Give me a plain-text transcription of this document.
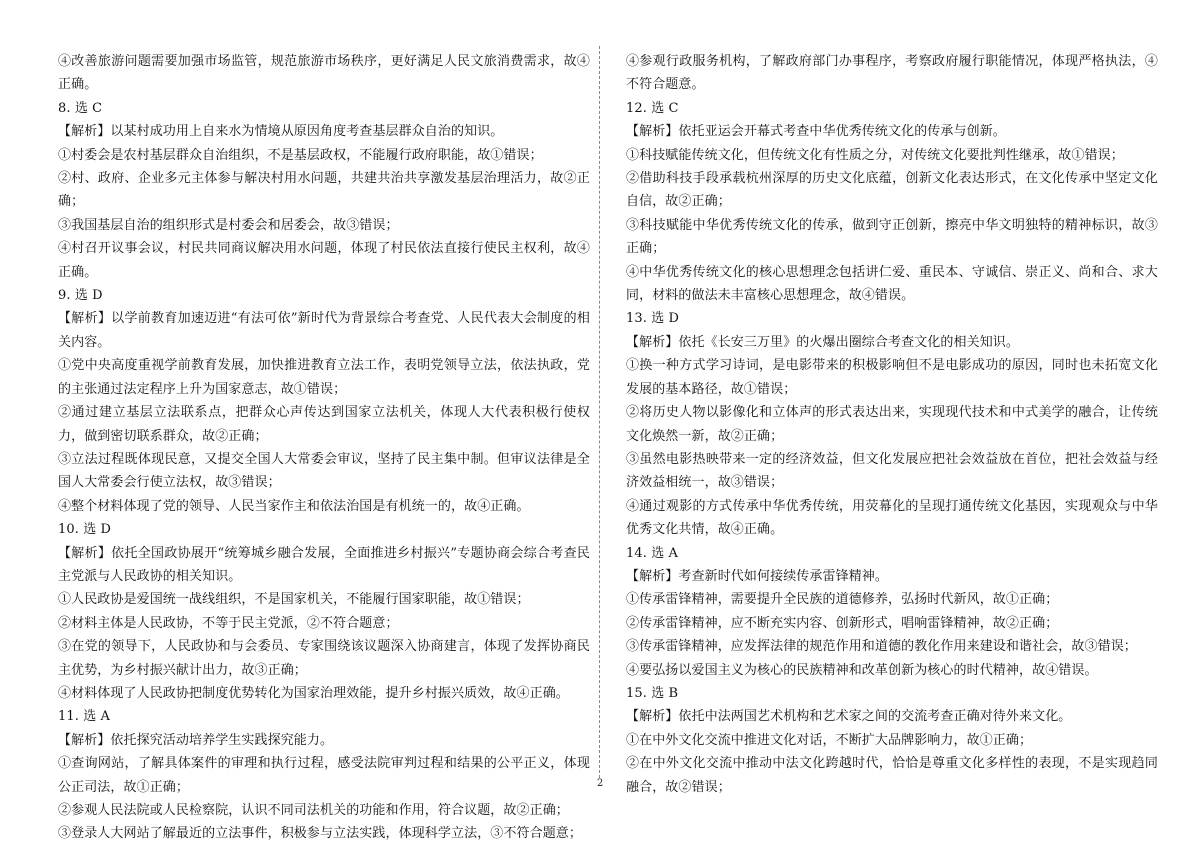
④改善旅游问题需要加强市场监管，规范旅游市场秩序，更好满足人民文旅消费需求，故④正确。
8. 选 C
【解析】以某村成功用上自来水为情境从原因角度考查基层群众自治的知识。
①村委会是农村基层群众自治组织，不是基层政权，不能履行政府职能，故①错误；
②村、政府、企业多元主体参与解决村用水问题，共建共治共享激发基层治理活力，故②正确；
③我国基层自治的组织形式是村委会和居委会，故③错误；
④村召开议事会议，村民共同商议解决用水问题，体现了村民依法直接行使民主权利，故④正确。
9. 选 D
【解析】以学前教育加速迈进“有法可依”新时代为背景综合考查党、人民代表大会制度的相关内容。
①党中央高度重视学前教育发展，加快推进教育立法工作，表明党领导立法，依法执政，党的主张通过法定程序上升为国家意志，故①错误；
②通过建立基层立法联系点，把群众心声传达到国家立法机关，体现人大代表积极行使权力，做到密切联系群众，故②正确；
③立法过程既体现民意，又提交全国人大常委会审议，坚持了民主集中制。但审议法律是全国人大常委会行使立法权，故③错误；
④整个材料体现了党的领导、人民当家作主和依法治国是有机统一的，故④正确。
10. 选 D
【解析】依托全国政协展开“统筹城乡融合发展，全面推进乡村振兴”专题协商会综合考查民主党派与人民政协的相关知识。
①人民政协是爱国统一战线组织，不是国家机关，不能履行国家职能，故①错误；
②材料主体是人民政协，不等于民主党派，②不符合题意；
③在党的领导下，人民政协和与会委员、专家围绕该议题深入协商建言，体现了发挥协商民主优势，为乡村振兴献计出力，故③正确；
④材料体现了人民政协把制度优势转化为国家治理效能，提升乡村振兴质效，故④正确。
11. 选 A
【解析】依托探究活动培养学生实践探究能力。
①查询网站，了解具体案件的审理和执行过程，感受法院审判过程和结果的公平正义，体现公正司法，故①正确；
②参观人民法院或人民检察院，认识不同司法机关的功能和作用，符合议题，故②正确；
③登录人大网站了解最近的立法事件，积极参与立法实践，体现科学立法，③不符合题意；
④参观行政服务机构，了解政府部门办事程序，考察政府履行职能情况，体现严格执法，④不符合题意。
12. 选 C
【解析】依托亚运会开幕式考查中华优秀传统文化的传承与创新。
①科技赋能传统文化，但传统文化有性质之分，对传统文化要批判性继承，故①错误；
②借助科技手段承载杭州深厚的历史文化底蕴，创新文化表达形式，在文化传承中坚定文化自信，故②正确；
③科技赋能中华优秀传统文化的传承，做到守正创新，擦亮中华文明独特的精神标识，故③正确；
④中华优秀传统文化的核心思想理念包括讲仁爱、重民本、守诚信、崇正义、尚和合、求大同，材料的做法未丰富核心思想理念，故④错误。
13. 选 D
【解析】依托《长安三万里》的火爆出圈综合考查文化的相关知识。
①换一种方式学习诗词，是电影带来的积极影响但不是电影成功的原因，同时也未拓宽文化发展的基本路径，故①错误；
②将历史人物以影像化和立体声的形式表达出来，实现现代技术和中式美学的融合，让传统文化焕然一新，故②正确；
③虽然电影热映带来一定的经济效益，但文化发展应把社会效益放在首位，把社会效益与经济效益相统一，故③错误；
④通过观影的方式传承中华优秀传统，用荧幕化的呈现打通传统文化基因，实现观众与中华优秀文化共情，故④正确。
14. 选 A
【解析】考查新时代如何接续传承雷锋精神。
①传承雷锋精神，需要提升全民族的道德修养，弘扬时代新风，故①正确；
②传承雷锋精神，应不断充实内容、创新形式，唱响雷锋精神，故②正确；
③传承雷锋精神，应发挥法律的规范作用和道德的教化作用来建设和谐社会，故③错误；
④要弘扬以爱国主义为核心的民族精神和改革创新为核心的时代精神，故④错误。
15. 选 B
【解析】依托中法两国艺术机构和艺术家之间的交流考查正确对待外来文化。
①在中外文化交流中推进文化对话，不断扩大品牌影响力，故①正确；
②在中外文化交流中推动中法文化跨越时代，恰恰是尊重文化多样性的表现，不是实现趋同融合，故②错误；
2
